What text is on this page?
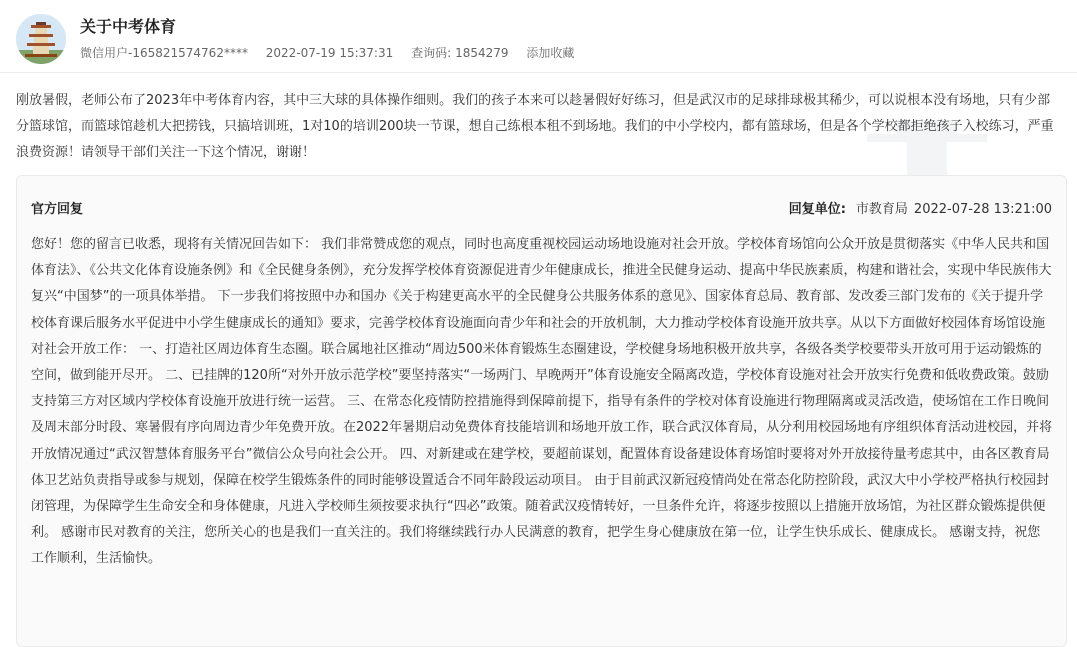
关于中考体育
微信用户-165821574762**** 2022-07-19 15:37:31 查询码: 1854279 添加收藏

刚放暑假，老师公布了2023年中考体育内容，其中三大球的具体操作细则。我们的孩子本来可以趁暑假好好练习，但是武汉市的足球排球极其稀少，可以说根本没有场地，只有少部分篮球馆，而篮球馆趁机大把捞钱，只搞培训班，1对10的培训200块一节课，想自己练根本租不到场地。我们的中小学校内，都有篮球场，但是各个学校都拒绝孩子入校练习，严重浪费资源！请领导干部们关注一下这个情况，谢谢！

官方回复	回复单位: 市教育局 2022-07-28 13:21:00

您好！您的留言已收悉，现将有关情况回告如下： 我们非常赞成您的观点，同时也高度重视校园运动场地设施对社会开放。学校体育场馆向公众开放是贯彻落实《中华人民共和国体育法》、《公共文化体育设施条例》和《全民健身条例》，充分发挥学校体育资源促进青少年健康成长，推进全民健身运动、提高中华民族素质，构建和谐社会，实现中华民族伟大复兴“中国梦”的一项具体举措。 下一步我们将按照中办和国办《关于构建更高水平的全民健身公共服务体系的意见》、国家体育总局、教育部、发改委三部门发布的《关于提升学校体育课后服务水平促进中小学生健康成长的通知》要求，完善学校体育设施面向青少年和社会的开放机制，大力推动学校体育设施开放共享。从以下方面做好校园体育场馆设施对社会开放工作： 一、打造社区周边体育生态圈。联合属地社区推动“周边500米体育锻炼生态圈建设，学校健身场地积极开放共享，各级各类学校要带头开放可用于运动锻炼的空间，做到能开尽开。 二、已挂牌的120所“对外开放示范学校”要坚持落实“一场两门、早晚两开”体育设施安全隔离改造，学校体育设施对社会开放实行免费和低收费政策。鼓励支持第三方对区域内学校体育设施开放进行统一运营。 三、在常态化疫情防控措施得到保障前提下，指导有条件的学校对体育设施进行物理隔离或灵活改造，使场馆在工作日晚间及周末部分时段、寒暑假有序向周边青少年免费开放。在2022年暑期启动免费体育技能培训和场地开放工作，联合武汉体育局，从分利用校园场地有序组织体育活动进校园，并将开放情况通过“武汉智慧体育服务平台”微信公众号向社会公开。 四、对新建或在建学校，要超前谋划，配置体育设备建设体育场馆时要将对外开放接待量考虑其中，由各区教育局体卫艺站负责指导或参与规划，保障在校学生锻炼条件的同时能够设置适合不同年龄段运动项目。 由于目前武汉新冠疫情尚处在常态化防控阶段，武汉大中小学校严格执行校园封闭管理，为保障学生生命安全和身体健康，凡进入学校师生须按要求执行“四必”政策。随着武汉疫情转好，一旦条件允许，将逐步按照以上措施开放场馆，为社区群众锻炼提供便利。 感谢市民对教育的关注，您所关心的也是我们一直关注的。我们将继续践行办人民满意的教育，把学生身心健康放在第一位，让学生快乐成长、健康成长。 感谢支持，祝您工作顺利，生活愉快。
